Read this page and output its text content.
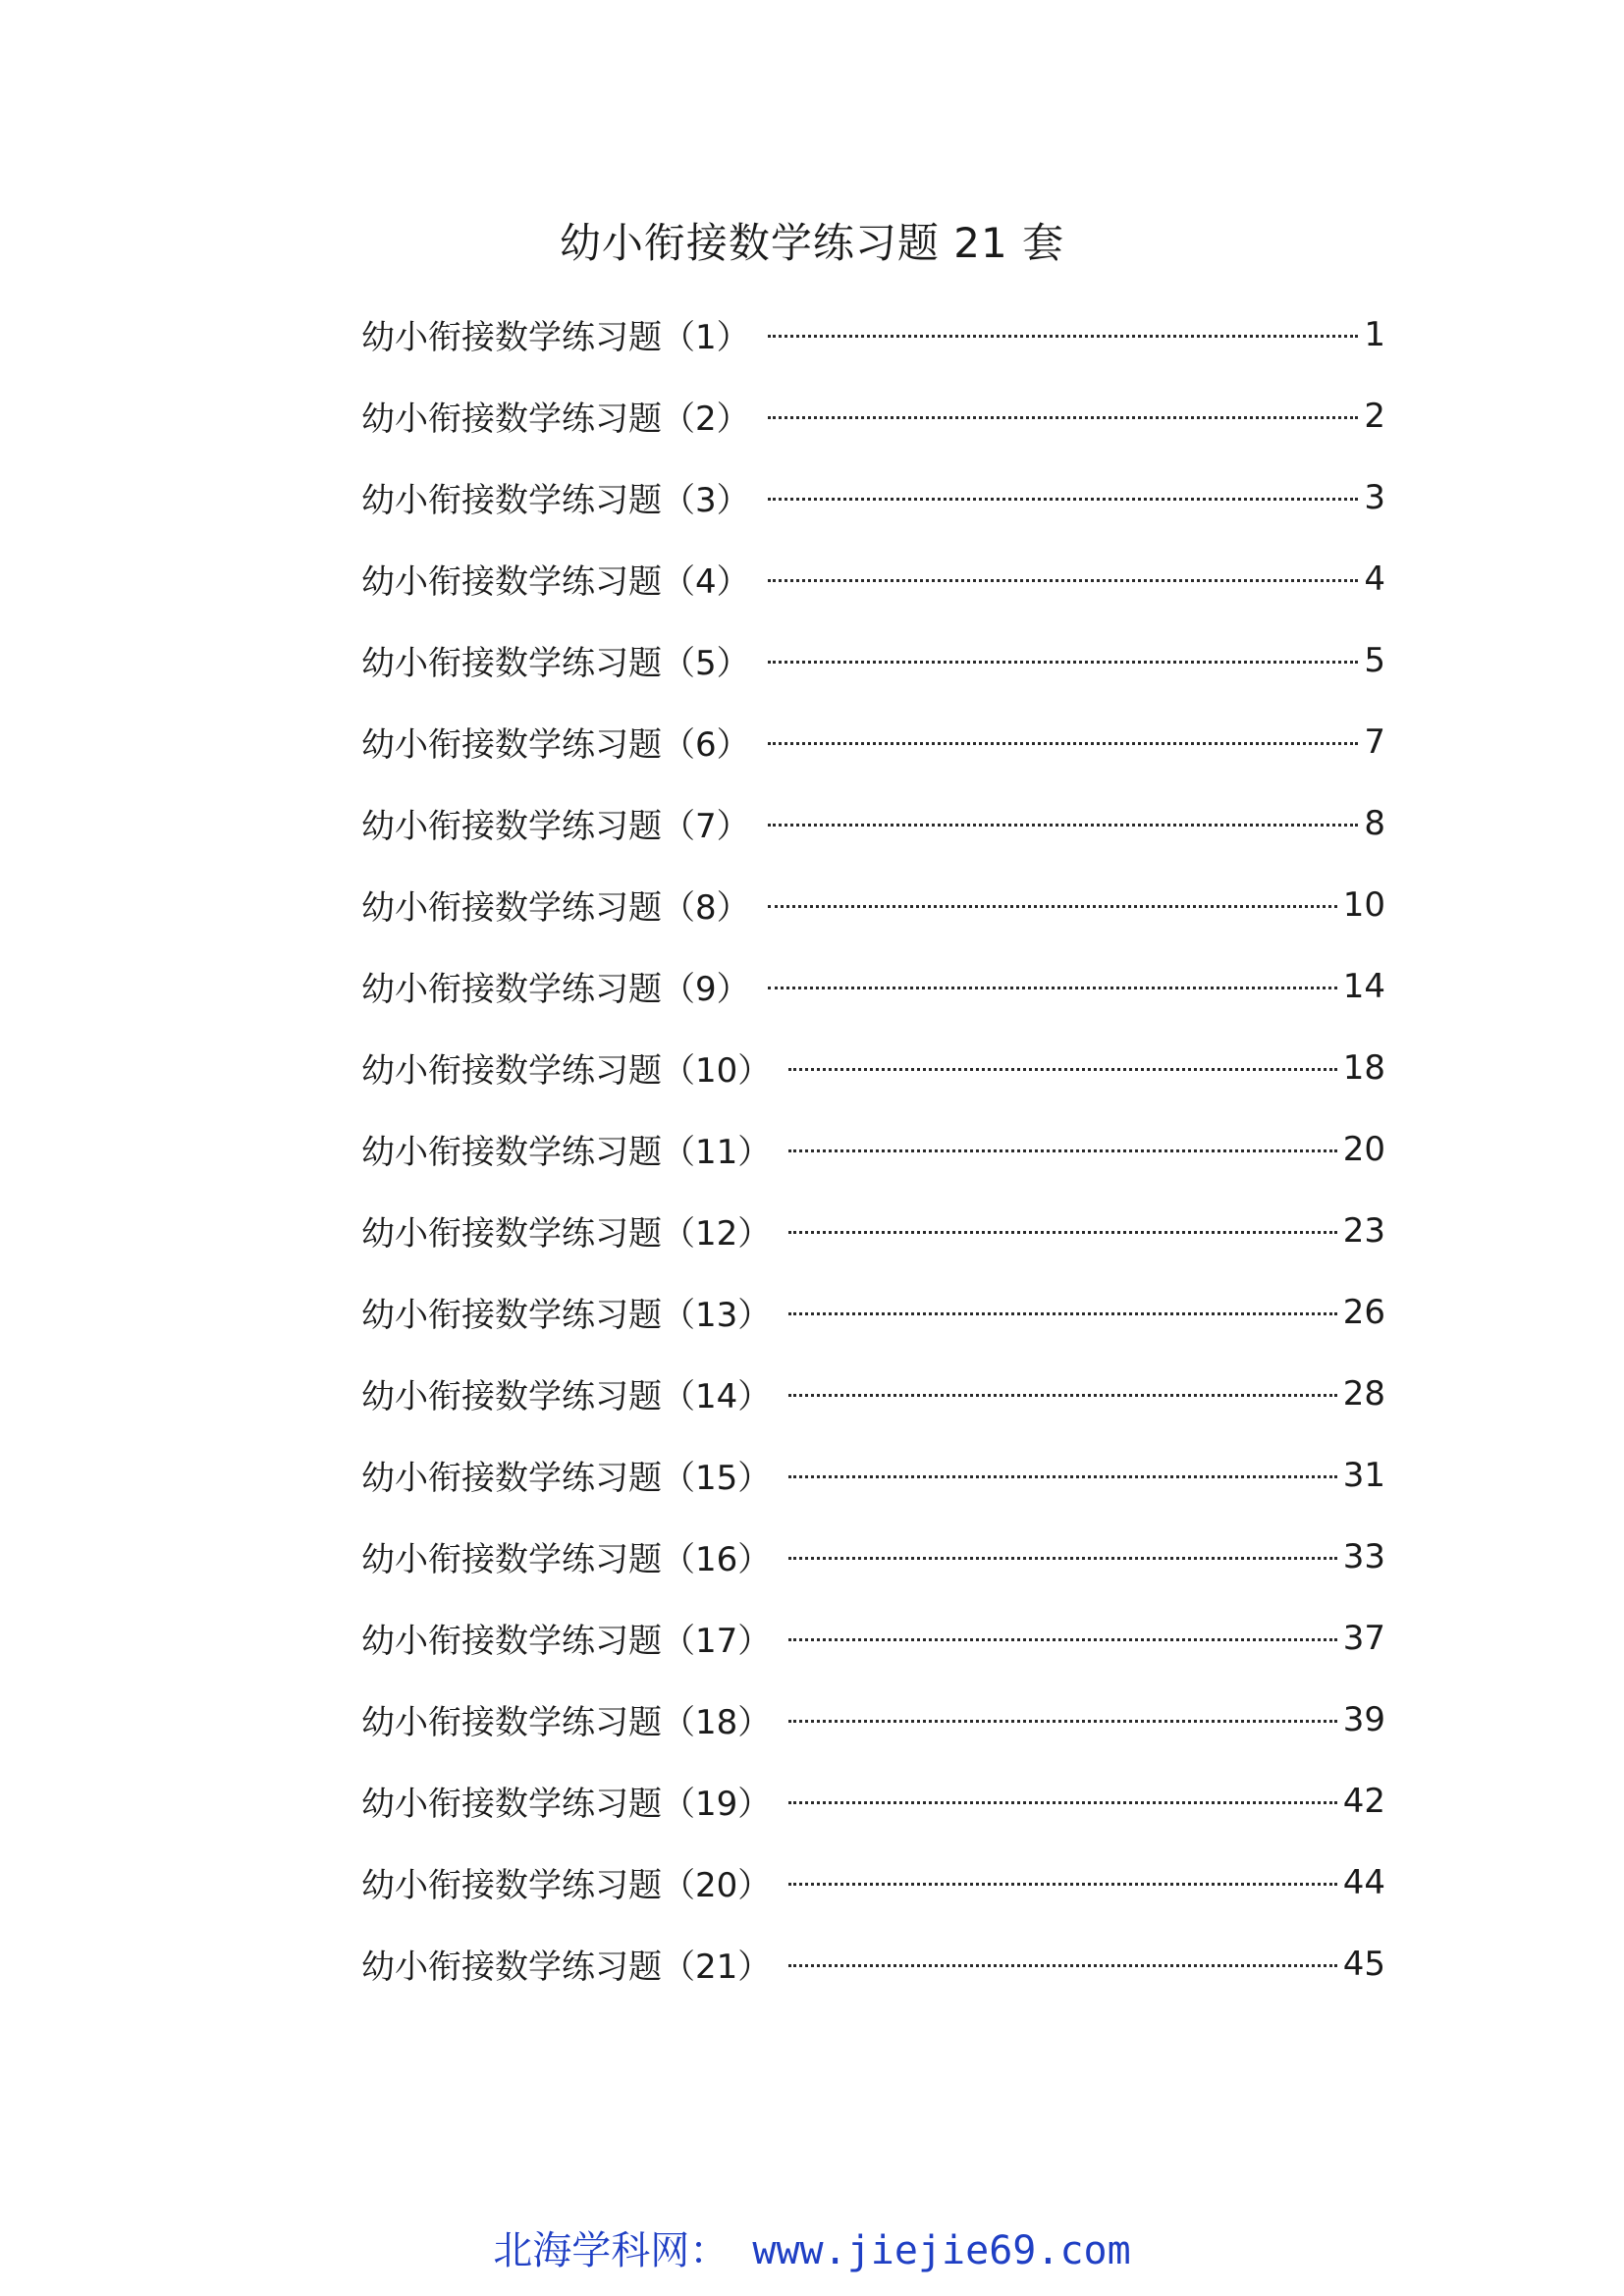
幼小衔接数学练习题 21 套
幼小衔接数学练习题（1）	1
幼小衔接数学练习题（2）	2
幼小衔接数学练习题（3）	3
幼小衔接数学练习题（4）	4
幼小衔接数学练习题（5）	5
幼小衔接数学练习题（6）	7
幼小衔接数学练习题（7）	8
幼小衔接数学练习题（8）	10
幼小衔接数学练习题（9）	14
幼小衔接数学练习题（10）	18
幼小衔接数学练习题（11）	20
幼小衔接数学练习题（12）	23
幼小衔接数学练习题（13）	26
幼小衔接数学练习题（14）	28
幼小衔接数学练习题（15）	31
幼小衔接数学练习题（16）	33
幼小衔接数学练习题（17）	37
幼小衔接数学练习题（18）	39
幼小衔接数学练习题（19）	42
幼小衔接数学练习题（20）	44
幼小衔接数学练习题（21）	45
北海学科网： www.jiejie69.com
